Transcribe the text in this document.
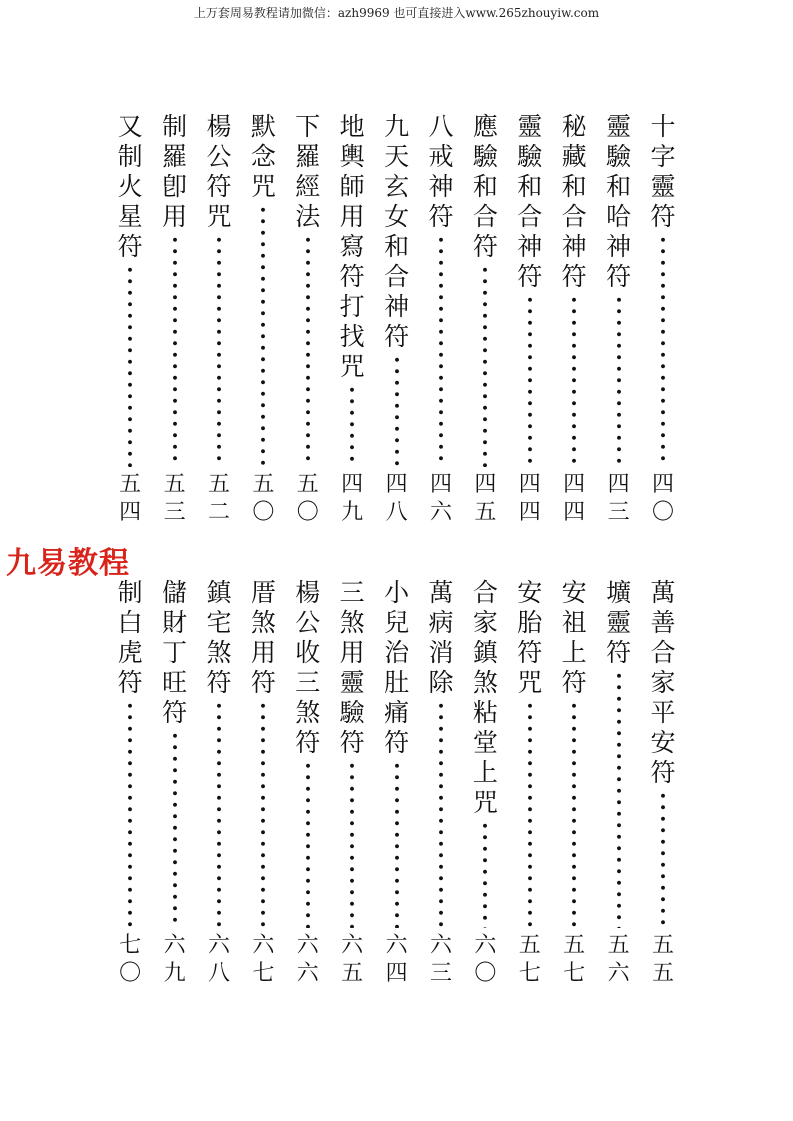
上万套周易教程请加微信：azh9969 也可直接进入www.265zhouyiw.com
九易教程
十
字
靈
符
四
〇
靈
驗
和
哈
神
符
四
三
秘
藏
和
合
神
符
四
四
靈
驗
和
合
神
符
四
四
應
驗
和
合
符
四
五
八
戒
神
符
四
六
九
天
玄
女
和
合
神
符
四
八
地
輿
師
用
寫
符
打
找
咒
四
九
下
羅
經
法
五
〇
默
念
咒
五
〇
楊
公
符
咒
五
二
制
羅
卽
用
五
三
又
制
火
星
符
五
四
萬
善
合
家
平
安
符
五
五
壙
靈
符
五
六
安
祖
上
符
五
七
安
胎
符
咒
五
七
合
家
鎮
煞
粘
堂
上
咒
六
〇
萬
病
消
除
六
三
小
兒
治
肚
痛
符
六
四
三
煞
用
靈
驗
符
六
五
楊
公
收
三
煞
符
六
六
厝
煞
用
符
六
七
鎮
宅
煞
符
六
八
儲
財
丁
旺
符
六
九
制
白
虎
符
七
〇
